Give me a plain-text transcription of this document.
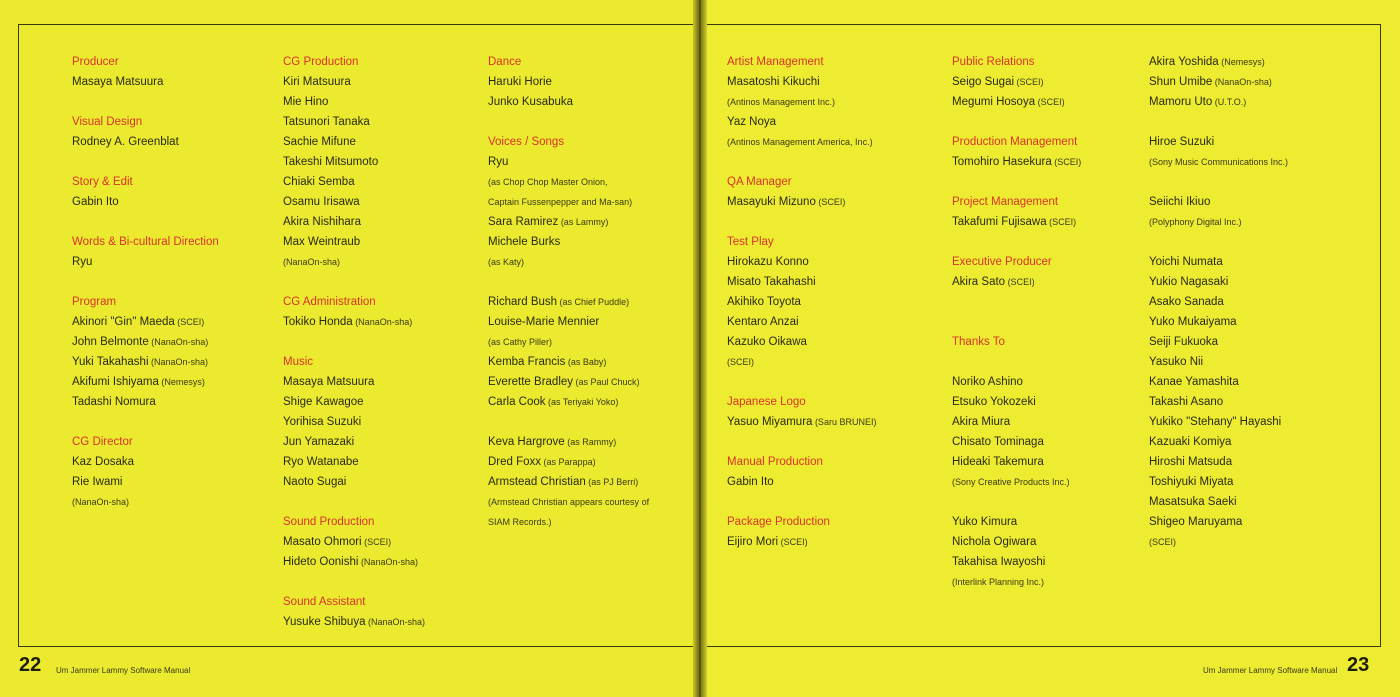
Producer
Masaya Matsuura
Visual Design
Rodney A. Greenblat
Story & Edit
Gabin Ito
Words & Bi-cultural Direction
Ryu
Program
Akinori "Gin" Maeda (SCEI)
John Belmonte (NanaOn-sha)
Yuki Takahashi (NanaOn-sha)
Akifumi Ishiyama (Nemesys)
Tadashi Nomura
CG Director
Kaz Dosaka
Rie Iwami
(NanaOn-sha)
CG Production
Kiri Matsuura
Mie Hino
Tatsunori Tanaka
Sachie Mifune
Takeshi Mitsumoto
Chiaki Semba
Osamu Irisawa
Akira Nishihara
Max Weintraub
(NanaOn-sha)
CG Administration
Tokiko Honda (NanaOn-sha)
Music
Masaya Matsuura
Shige Kawagoe
Yorihisa Suzuki
Jun Yamazaki
Ryo Watanabe
Naoto Sugai
Sound Production
Masato Ohmori (SCEI)
Hideto Oonishi (NanaOn-sha)
Sound Assistant
Yusuke Shibuya (NanaOn-sha)
Dance
Haruki Horie
Junko Kusabuka
Voices / Songs
Ryu
(as Chop Chop Master Onion,
Captain Fussenpepper and Ma-san)
Sara Ramirez (as Lammy)
Michele Burks
(as Katy)
Richard Bush (as Chief Puddle)
Louise-Marie Mennier
(as Cathy Piller)
Kemba Francis (as Baby)
Everette Bradley (as Paul Chuck)
Carla Cook (as Teriyaki Yoko)
Keva Hargrove (as Rammy)
Dred Foxx (as Parappa)
Armstead Christian (as PJ Berri)
(Armstead Christian appears courtesy of
SIAM Records.)
22 Um Jammer Lammy Software Manual
Artist Management
Masatoshi Kikuchi
(Antinos Management Inc.)
Yaz Noya
(Antinos Management America, Inc.)
QA Manager
Masayuki Mizuno (SCEI)
Test Play
Hirokazu Konno
Misato Takahashi
Akihiko Toyota
Kentaro Anzai
Kazuko Oikawa
(SCEI)
Japanese Logo
Yasuo Miyamura (Saru BRUNEI)
Manual Production
Gabin Ito
Package Production
Eijiro Mori (SCEI)
Public Relations
Seigo Sugai (SCEI)
Megumi Hosoya (SCEI)
Production Management
Tomohiro Hasekura (SCEI)
Project Management
Takafumi Fujisawa (SCEI)
Executive Producer
Akira Sato (SCEI)
Thanks To
Noriko Ashino
Etsuko Yokozeki
Akira Miura
Chisato Tominaga
Hideaki Takemura
(Sony Creative Products Inc.)
Yuko Kimura
Nichola Ogiwara
Takahisa Iwayoshi
(Interlink Planning Inc.)
Akira Yoshida (Nemesys)
Shun Umibe (NanaOn-sha)
Mamoru Uto (U.T.O.)
Hiroe Suzuki
(Sony Music Communications Inc.)
Seiichi Ikiuo
(Polyphony Digital Inc.)
Yoichi Numata
Yukio Nagasaki
Asako Sanada
Yuko Mukaiyama
Seiji Fukuoka
Yasuko Nii
Kanae Yamashita
Takashi Asano
Yukiko "Stehany" Hayashi
Kazuaki Komiya
Hiroshi Matsuda
Toshiyuki Miyata
Masatsuka Saeki
Shigeo Maruyama
(SCEI)
23
Um Jammer Lammy Software Manual
